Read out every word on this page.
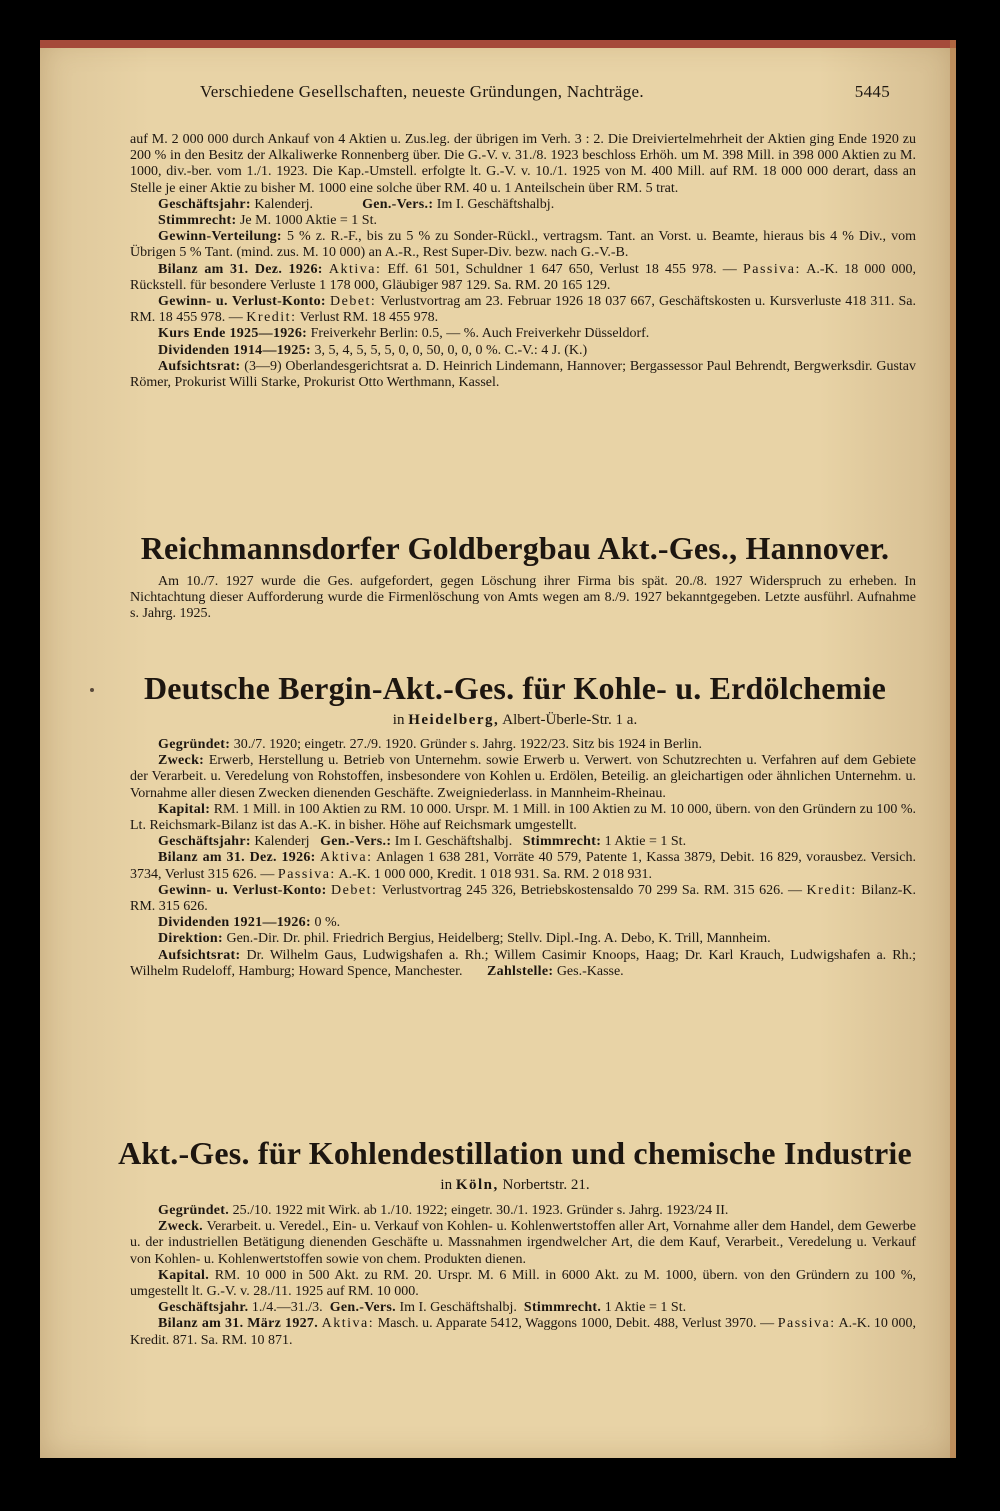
Verschiedene Gesellschaften, neueste Gründungen, Nachträge.	5445

auf M. 2 000 000 durch Ankauf von 4 Aktien u. Zus.leg. der übrigen im Verh. 3 : 2. Die Dreiviertelmehrheit der Aktien ging Ende 1920 zu 200 % in den Besitz der Alkaliwerke Ronnenberg über. Die G.-V. v. 31./8. 1923 beschloss Erhöh. um M. 398 Mill. in 398 000 Aktien zu M. 1000, div.-ber. vom 1./1. 1923. Die Kap.-Umstell. erfolgte lt. G.-V. v. 10./1. 1925 von M. 400 Mill. auf RM. 18 000 000 derart, dass an Stelle je einer Aktie zu bisher M. 1000 eine solche über RM. 40 u. 1 Anteilschein über RM. 5 trat.

Geschäftsjahr: Kalenderj.	Gen.-Vers.: Im I. Geschäftshalbj.

Stimmrecht: Je M. 1000 Aktie = 1 St.

Gewinn-Verteilung: 5 % z. R.-F., bis zu 5 % zu Sonder-Rückl., vertragsm. Tant. an Vorst. u. Beamte, hieraus bis 4 % Div., vom Übrigen 5 % Tant. (mind. zus. M. 10 000) an A.-R., Rest Super-Div. bezw. nach G.-V.-B.

Bilanz am 31. Dez. 1926: Aktiva: Eff. 61 501, Schuldner 1 647 650, Verlust 18 455 978. — Passiva: A.-K. 18 000 000, Rückstell. für besondere Verluste 1 178 000, Gläubiger 987 129. Sa. RM. 20 165 129.

Gewinn- u. Verlust-Konto: Debet: Verlustvortrag am 23. Februar 1926 18 037 667, Geschäftskosten u. Kursverluste 418 311. Sa. RM. 18 455 978. — Kredit: Verlust RM. 18 455 978.

Kurs Ende 1925—1926: Freiverkehr Berlin: 0.5, — %. Auch Freiverkehr Düsseldorf.

Dividenden 1914—1925: 3, 5, 4, 5, 5, 5, 0, 0, 50, 0, 0, 0 %. C.-V.: 4 J. (K.)

Aufsichtsrat: (3—9) Oberlandesgerichtsrat a. D. Heinrich Lindemann, Hannover; Bergassessor Paul Behrendt, Bergwerksdir. Gustav Römer, Prokurist Willi Starke, Prokurist Otto Werthmann, Kassel.

Reichmannsdorfer Goldbergbau Akt.-Ges., Hannover.

Am 10./7. 1927 wurde die Ges. aufgefordert, gegen Löschung ihrer Firma bis spät. 20./8. 1927 Widerspruch zu erheben. In Nichtachtung dieser Aufforderung wurde die Firmenlöschung von Amts wegen am 8./9. 1927 bekanntgegeben. Letzte ausführl. Aufnahme s. Jahrg. 1925.

Deutsche Bergin-Akt.-Ges. für Kohle- u. Erdölchemie
in Heidelberg, Albert-Überle-Str. 1 a.

Gegründet: 30./7. 1920; eingetr. 27./9. 1920. Gründer s. Jahrg. 1922/23. Sitz bis 1924 in Berlin.

Zweck: Erwerb, Herstellung u. Betrieb von Unternehm. sowie Erwerb u. Verwert. von Schutzrechten u. Verfahren auf dem Gebiete der Verarbeit. u. Veredelung von Rohstoffen, insbesondere von Kohlen u. Erdölen, Beteilig. an gleichartigen oder ähnlichen Unternehm. u. Vornahme aller diesen Zwecken dienenden Geschäfte. Zweigniederlass. in Mannheim-Rheinau.

Kapital: RM. 1 Mill. in 100 Aktien zu RM. 10 000. Urspr. M. 1 Mill. in 100 Aktien zu M. 10 000, übern. von den Gründern zu 100 %. Lt. Reichsmark-Bilanz ist das A.-K. in bisher. Höhe auf Reichsmark umgestellt.

Geschäftsjahr: Kalenderj Gen.-Vers.: Im I. Geschäftshalbj. Stimmrecht: 1 Aktie = 1 St.

Bilanz am 31. Dez. 1926: Aktiva: Anlagen 1 638 281, Vorräte 40 579, Patente 1, Kassa 3879, Debit. 16 829, vorausbez. Versich. 3734, Verlust 315 626. — Passiva: A.-K. 1 000 000, Kredit. 1 018 931. Sa. RM. 2 018 931.

Gewinn- u. Verlust-Konto: Debet: Verlustvortrag 245 326, Betriebskostensaldo 70 299 Sa. RM. 315 626. — Kredit: Bilanz-K. RM. 315 626.

Dividenden 1921—1926: 0 %.

Direktion: Gen.-Dir. Dr. phil. Friedrich Bergius, Heidelberg; Stellv. Dipl.-Ing. A. Debo, K. Trill, Mannheim.

Aufsichtsrat: Dr. Wilhelm Gaus, Ludwigshafen a. Rh.; Willem Casimir Knoops, Haag; Dr. Karl Krauch, Ludwigshafen a. Rh.; Wilhelm Rudeloff, Hamburg; Howard Spence, Manchester. Zahlstelle: Ges.-Kasse.

Akt.-Ges. für Kohlendestillation und chemische Industrie
in Köln, Norbertstr. 21.

Gegründet. 25./10. 1922 mit Wirk. ab 1./10. 1922; eingetr. 30./1. 1923. Gründer s. Jahrg. 1923/24 II.

Zweck. Verarbeit. u. Veredel., Ein- u. Verkauf von Kohlen- u. Kohlenwertstoffen aller Art, Vornahme aller dem Handel, dem Gewerbe u. der industriellen Betätigung dienenden Geschäfte u. Massnahmen irgendwelcher Art, die dem Kauf, Verarbeit., Veredelung u. Verkauf von Kohlen- u. Kohlenwertstoffen sowie von chem. Produkten dienen.

Kapital. RM. 10 000 in 500 Akt. zu RM. 20. Urspr. M. 6 Mill. in 6000 Akt. zu M. 1000, übern. von den Gründern zu 100 %, umgestellt lt. G.-V. v. 28./11. 1925 auf RM. 10 000.

Geschäftsjahr. 1./4.—31./3. Gen.-Vers. Im I. Geschäftshalbj. Stimmrecht. 1 Aktie = 1 St.

Bilanz am 31. März 1927. Aktiva: Masch. u. Apparate 5412, Waggons 1000, Debit. 488, Verlust 3970. — Passiva: A.-K. 10 000, Kredit. 871. Sa. RM. 10 871.
